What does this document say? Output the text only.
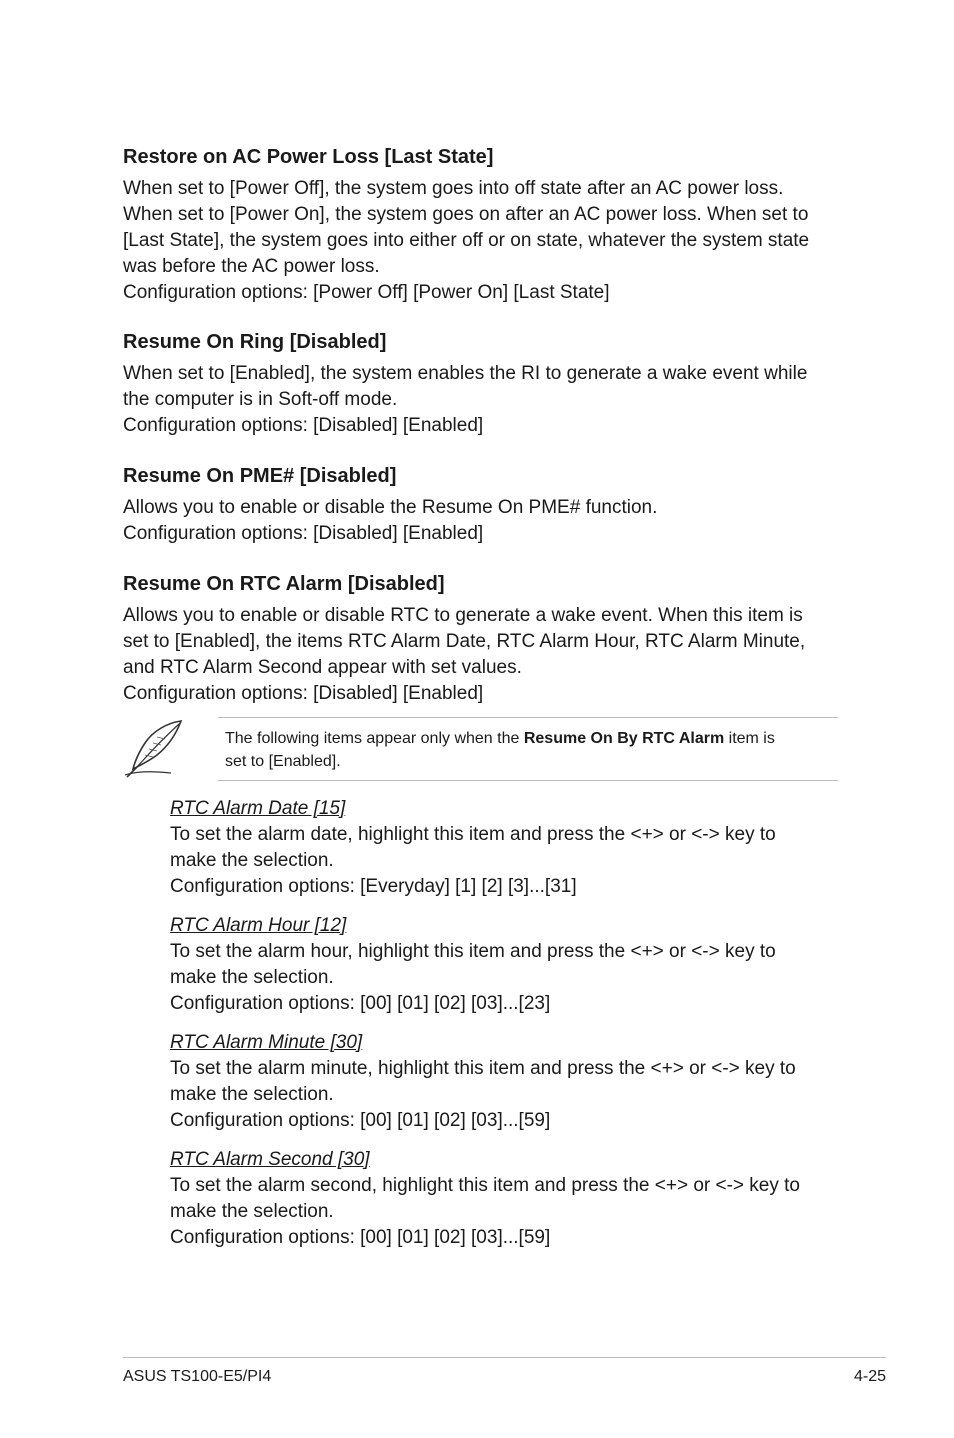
Restore on AC Power Loss [Last State]

When set to [Power Off], the system goes into off state after an AC power loss.

When set to [Power On], the system goes on after an AC power loss. When set to

[Last State], the system goes into either off or on state, whatever the system state

was before the AC power loss.

Configuration options: [Power Off] [Power On] [Last State]

Resume On Ring [Disabled]

When set to [Enabled], the system enables the RI to generate a wake event while

the computer is in Soft-off mode.

Configuration options: [Disabled] [Enabled]

Resume On PME# [Disabled]

Allows you to enable or disable the Resume On PME# function.

Configuration options: [Disabled] [Enabled]

Resume On RTC Alarm [Disabled]

Allows you to enable or disable RTC to generate a wake event. When this item is

set to [Enabled], the items RTC Alarm Date, RTC Alarm Hour, RTC Alarm Minute,

and RTC Alarm Second appear with set values.

Configuration options: [Disabled] [Enabled]

The following items appear only when the Resume On By RTC Alarm item is
set to [Enabled].

RTC Alarm Date [15]

To set the alarm date, highlight this item and press the <+> or <-> key to

make the selection.

Configuration options: [Everyday] [1] [2] [3]...[31]

RTC Alarm Hour [12]

To set the alarm hour, highlight this item and press the <+> or <-> key to

make the selection.

Configuration options: [00] [01] [02] [03]...[23]

RTC Alarm Minute [30]

To set the alarm minute, highlight this item and press the <+> or <-> key to

make the selection.

Configuration options: [00] [01] [02] [03]...[59]

RTC Alarm Second [30]

To set the alarm second, highlight this item and press the <+> or <-> key to

make the selection.

Configuration options: [00] [01] [02] [03]...[59]

ASUS TS100-E5/PI4	4-25
